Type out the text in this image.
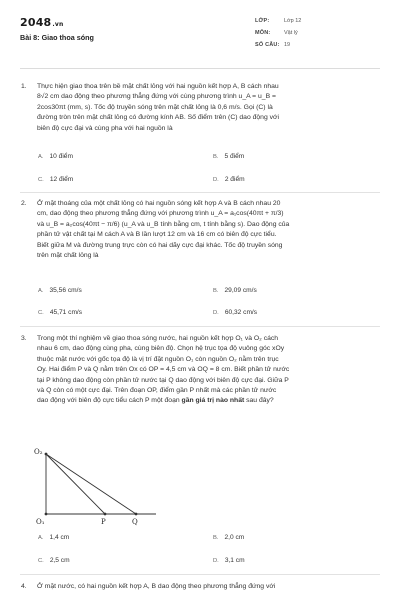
2048.vn
Bài 8: Giao thoa sóng
LỚP:	Lớp 12
MÔN:	Vật lý
SỐ CÂU: 19
1. Thực hiện giao thoa trên bề mặt chất lỏng với hai nguồn kết hợp A, B cách nhau
8√2 cm dao động theo phương thẳng đứng với cùng phương trình u_A = u_B =
2cos30πt (mm, s). Tốc độ truyền sóng trên mặt chất lỏng là 0,6 m/s. Gọi (C) là
đường tròn trên mặt chất lỏng có đường kính AB. Số điểm trên (C) dao động với
biên độ cực đại và cùng pha với hai nguồn là
A. 10 điểm	B. 5 điểm
C. 12 điểm	D. 2 điểm
2. Ở mặt thoáng của một chất lỏng có hai nguồn sóng kết hợp A và B cách nhau 20
cm, dao động theo phương thẳng đứng với phương trình u_A = a₁cos(40πt + π/3)
và u_B = a₂cos(40πt − π/6) (u_A và u_B tính bằng cm, t tính bằng s). Dao động của
phần tử vật chất tại M cách A và B lần lượt 12 cm và 16 cm có biên độ cực tiểu.
Biết giữa M và đường trung trực còn có hai dãy cực đại khác. Tốc độ truyền sóng
trên mặt chất lỏng là
A. 35,56 cm/s	B. 29,09 cm/s
C. 45,71 cm/s	D. 60,32 cm/s
3. Trong một thí nghiệm về giao thoa sóng nước, hai nguồn kết hợp O₁ và O₂ cách
nhau 6 cm, dao động cùng pha, cùng biên độ. Chọn hệ trục tọa độ vuông góc xOy
thuộc mặt nước với gốc tọa độ là vị trí đặt nguồn O₁ còn nguồn O₂ nằm trên trục
Oy. Hai điểm P và Q nằm trên Ox có OP = 4,5 cm và OQ = 8 cm. Biết phần tử nước
tại P không dao động còn phần tử nước tại Q dao động với biên độ cực đại. Giữa P
và Q còn có một cực đại. Trên đoạn OP, điểm gần P nhất mà các phần tử nước
dao động với biên độ cực tiểu cách P một đoạn gần giá trị nào nhất sau đây?
O₂
O₁	P	Q
A. 1,4 cm	B. 2,0 cm
C. 2,5 cm	D. 3,1 cm
4. Ở mặt nước, có hai nguồn kết hợp A, B dao động theo phương thẳng đứng với
